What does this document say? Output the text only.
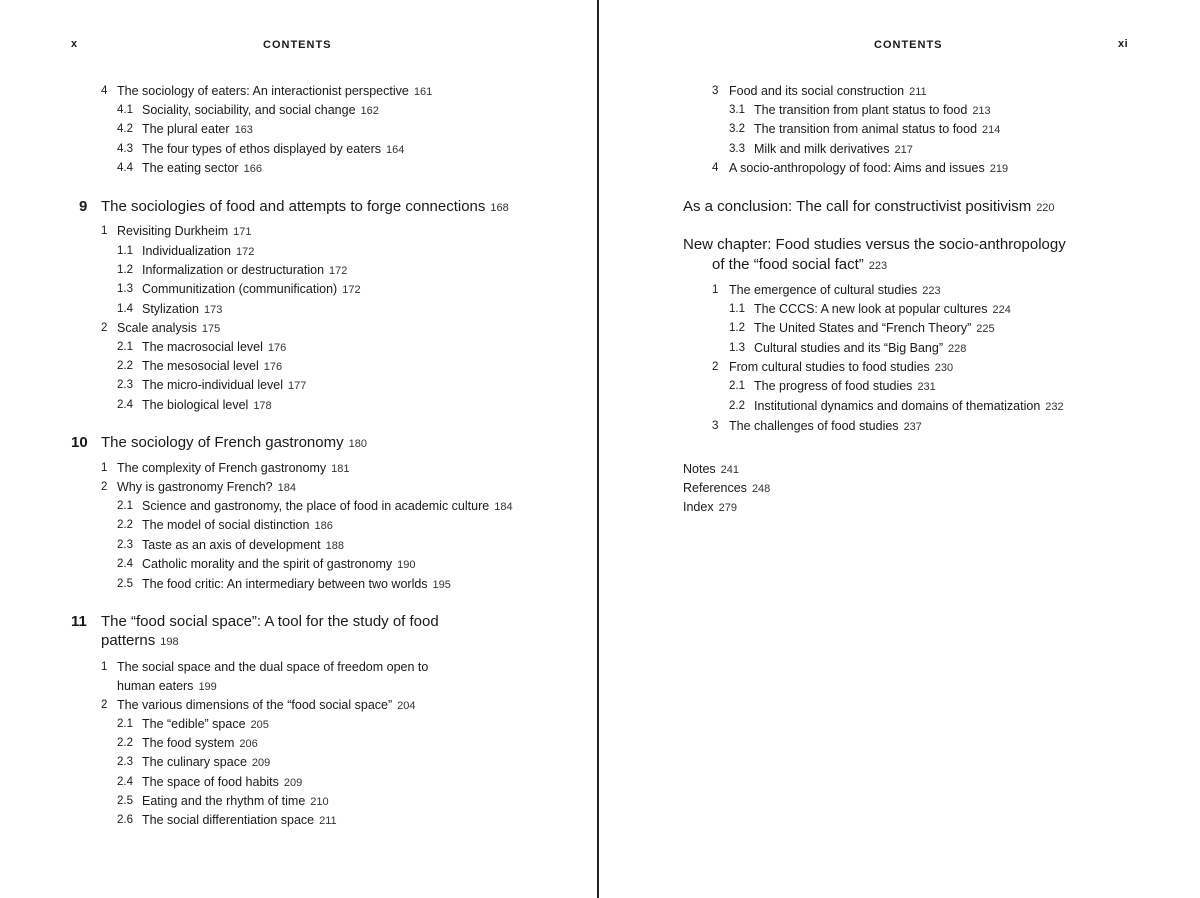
x	CONTENTS
4 The sociology of eaters: An interactionist perspective 161
4.1 Sociality, sociability, and social change 162
4.2 The plural eater 163
4.3 The four types of ethos displayed by eaters 164
4.4 The eating sector 166
9 The sociologies of food and attempts to forge connections 168
1 Revisiting Durkheim 171
1.1 Individualization 172
1.2 Informalization or destructuration 172
1.3 Communitization (communification) 172
1.4 Stylization 173
2 Scale analysis 175
2.1 The macrosocial level 176
2.2 The mesosocial level 176
2.3 The micro-individual level 177
2.4 The biological level 178
10 The sociology of French gastronomy 180
1 The complexity of French gastronomy 181
2 Why is gastronomy French? 184
2.1 Science and gastronomy, the place of food in academic culture 184
2.2 The model of social distinction 186
2.3 Taste as an axis of development 188
2.4 Catholic morality and the spirit of gastronomy 190
2.5 The food critic: An intermediary between two worlds 195
11 The “food social space”: A tool for the study of food
patterns 198
1 The social space and the dual space of freedom open to
human eaters 199
2 The various dimensions of the “food social space” 204
2.1 The “edible” space 205
2.2 The food system 206
2.3 The culinary space 209
2.4 The space of food habits 209
2.5 Eating and the rhythm of time 210
2.6 The social differentiation space 211
CONTENTS	xi
3 Food and its social construction 211
3.1 The transition from plant status to food 213
3.2 The transition from animal status to food 214
3.3 Milk and milk derivatives 217
4 A socio-anthropology of food: Aims and issues 219
As a conclusion: The call for constructivist positivism 220
New chapter: Food studies versus the socio-anthropology
of the “food social fact” 223
1 The emergence of cultural studies 223
1.1 The CCCS: A new look at popular cultures 224
1.2 The United States and “French Theory” 225
1.3 Cultural studies and its “Big Bang” 228
2 From cultural studies to food studies 230
2.1 The progress of food studies 231
2.2 Institutional dynamics and domains of thematization 232
3 The challenges of food studies 237
Notes 241
References 248
Index 279
